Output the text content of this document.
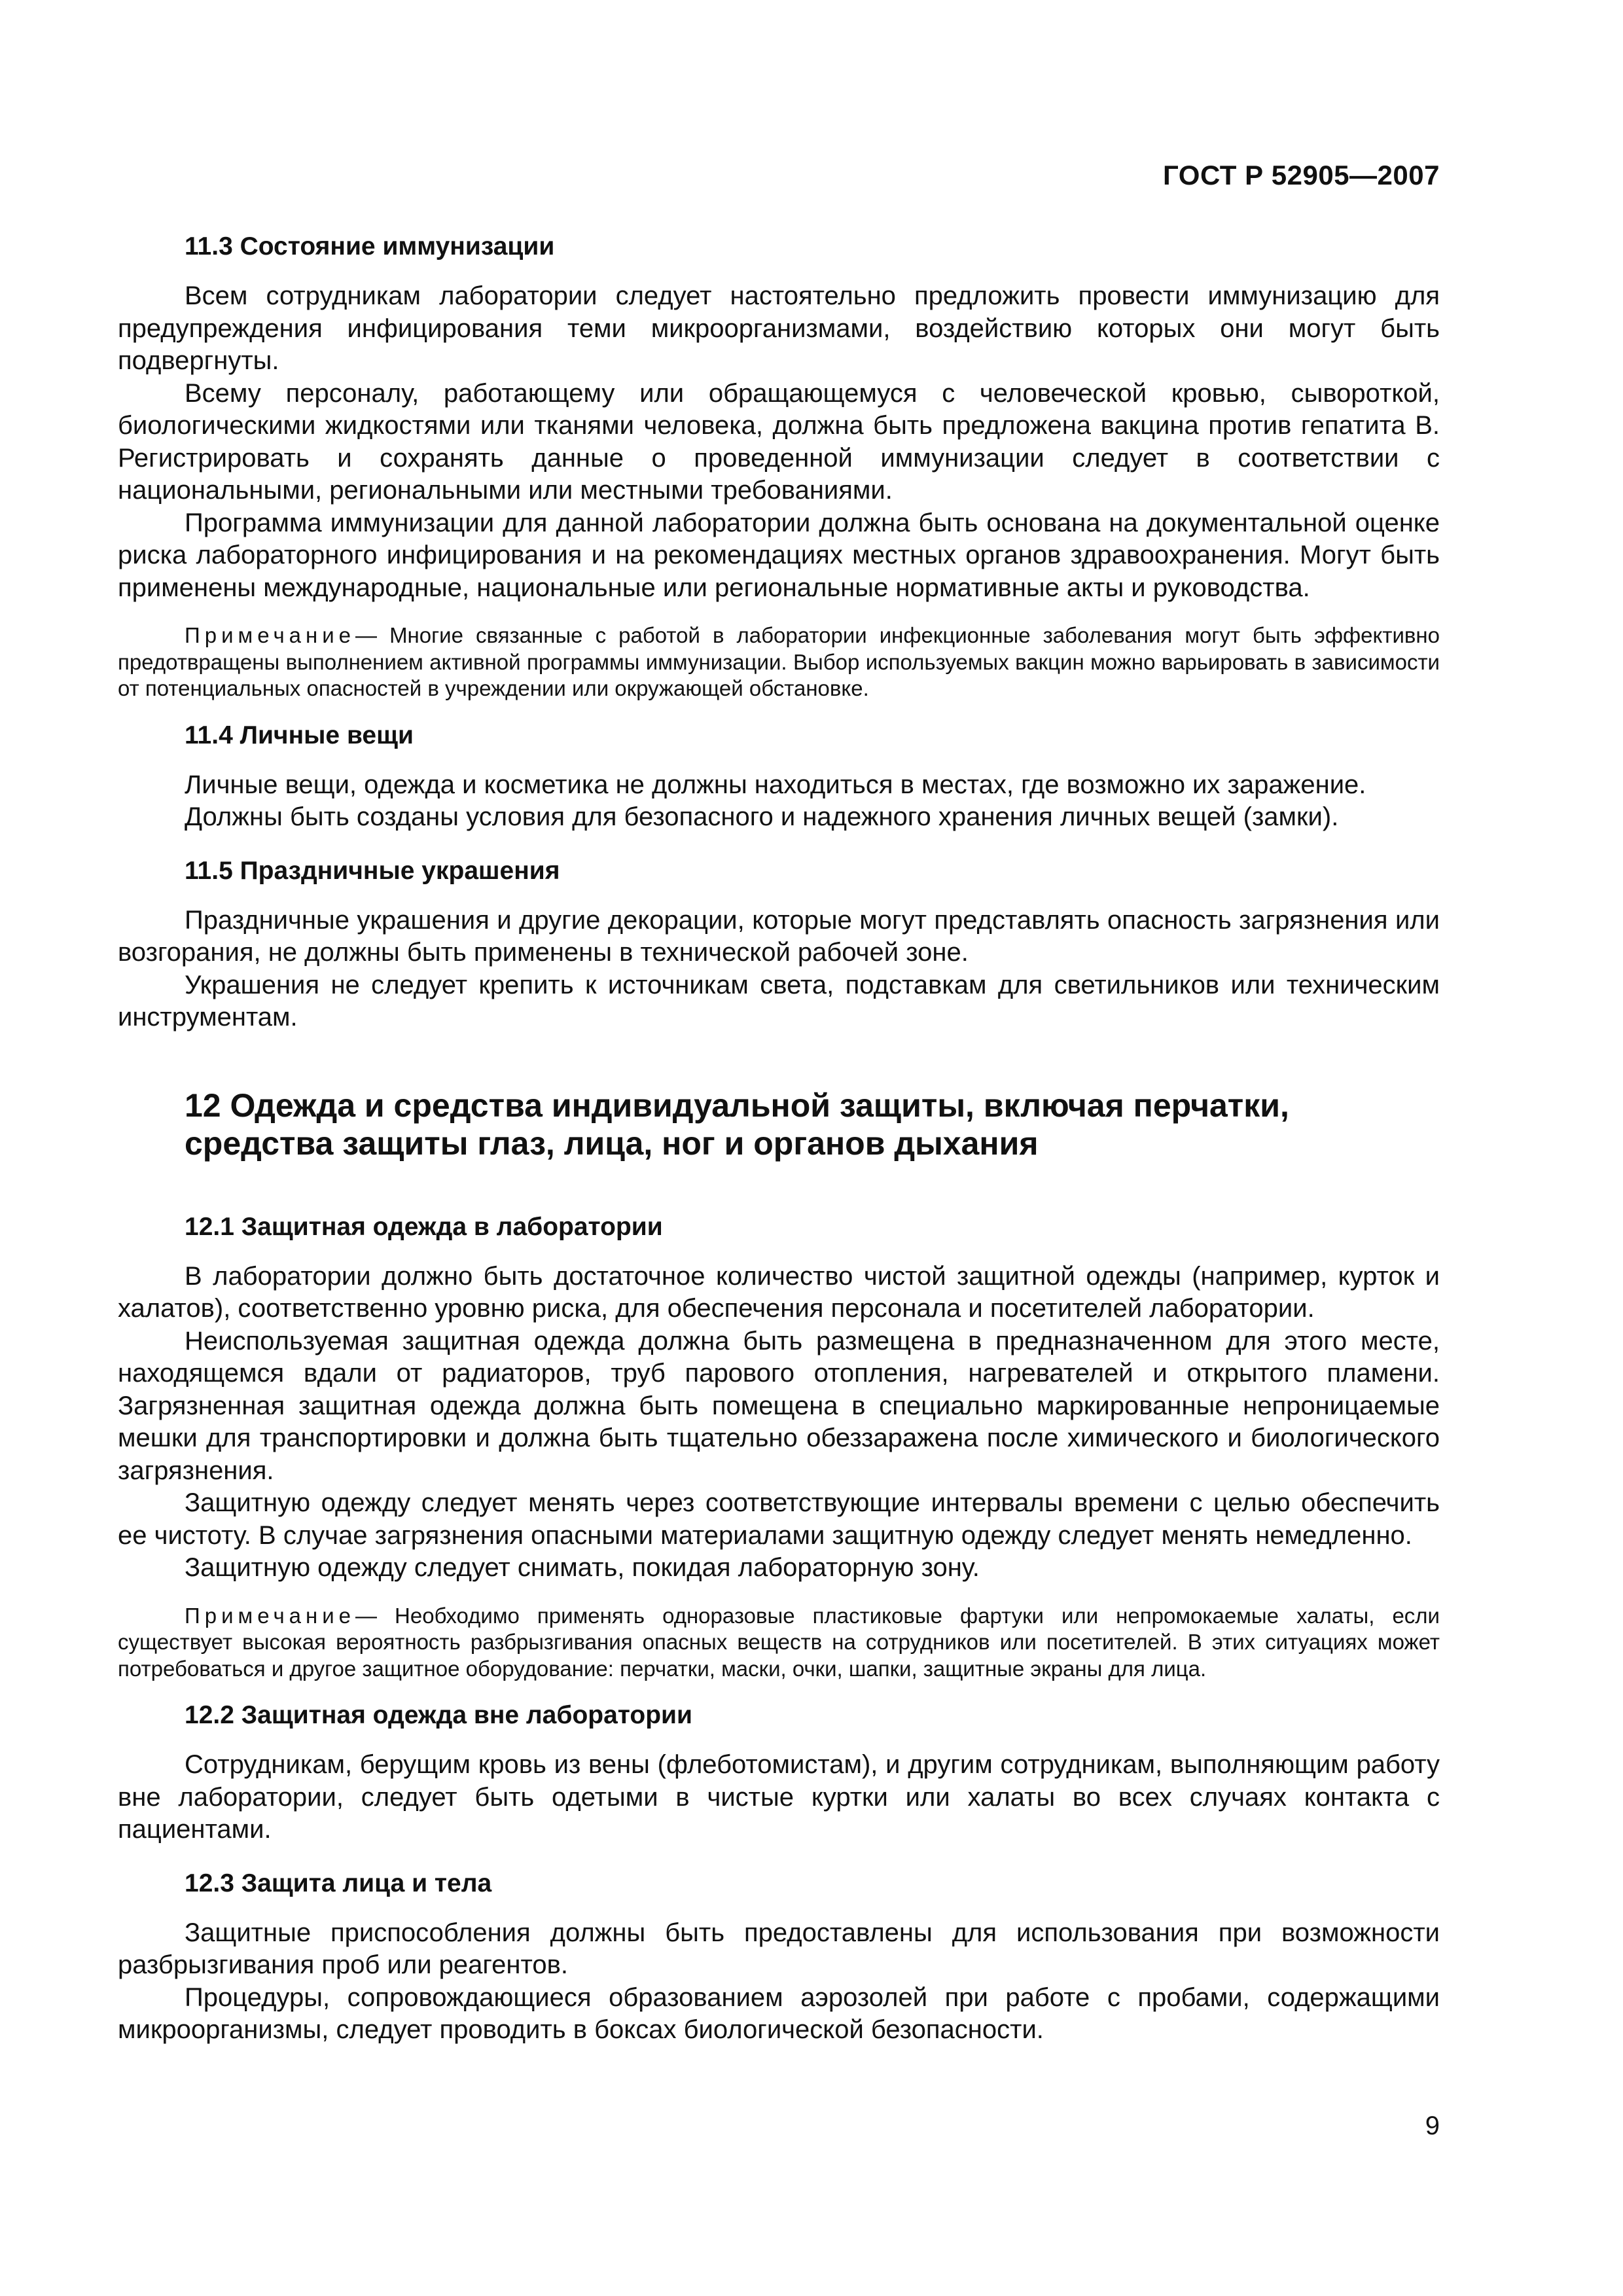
ГОСТ Р 52905—2007
11.3 Состояние иммунизации

Всем сотрудникам лаборатории следует настоятельно предложить провести иммунизацию для предупреждения инфицирования теми микроорганизмами, воздействию которых они могут быть подвергнуты.

Всему персоналу, работающему или обращающемуся с человеческой кровью, сывороткой, биологическими жидкостями или тканями человека, должна быть предложена вакцина против гепатита В. Регистрировать и сохранять данные о проведенной иммунизации следует в соответствии с национальными, региональными или местными требованиями.

Программа иммунизации для данной лаборатории должна быть основана на документальной оценке риска лабораторного инфицирования и на рекомендациях местных органов здравоохранения. Могут быть применены международные, национальные или региональные нормативные акты и руководства.

Примечание— Многие связанные с работой в лаборатории инфекционные заболевания могут быть эффективно предотвращены выполнением активной программы иммунизации. Выбор используемых вакцин можно варьировать в зависимости от потенциальных опасностей в учреждении или окружающей обстановке.
11.4 Личные вещи

Личные вещи, одежда и косметика не должны находиться в местах, где возможно их заражение.

Должны быть созданы условия для безопасного и надежного хранения личных вещей (замки).

11.5 Праздничные украшения

Праздничные украшения и другие декорации, которые могут представлять опасность загрязнения или возгорания, не должны быть применены в технической рабочей зоне.

Украшения не следует крепить к источникам света, подставкам для светильников или техническим инструментам.

12 Одежда и средства индивидуальной защиты, включая перчатки,
средства защиты глаз, лица, ног и органов дыхания
12.1 Защитная одежда в лаборатории

В лаборатории должно быть достаточное количество чистой защитной одежды (например, курток и халатов), соответственно уровню риска, для обеспечения персонала и посетителей лаборатории.

Неиспользуемая защитная одежда должна быть размещена в предназначенном для этого месте, находящемся вдали от радиаторов, труб парового отопления, нагревателей и открытого пламени. Загрязненная защитная одежда должна быть помещена в специально маркированные непроницаемые мешки для транспортировки и должна быть тщательно обеззаражена после химического и биологического загрязнения.

Защитную одежду следует менять через соответствующие интервалы времени с целью обеспечить ее чистоту. В случае загрязнения опасными материалами защитную одежду следует менять немедленно.

Защитную одежду следует снимать, покидая лабораторную зону.

Примечание— Необходимо применять одноразовые пластиковые фартуки или непромокаемые халаты, если существует высокая вероятность разбрызгивания опасных веществ на сотрудников или посетителей. В этих ситуациях может потребоваться и другое защитное оборудование: перчатки, маски, очки, шапки, защитные экраны для лица.
12.2 Защитная одежда вне лаборатории

Сотрудникам, берущим кровь из вены (флеботомистам), и другим сотрудникам, выполняющим работу вне лаборатории, следует быть одетыми в чистые куртки или халаты во всех случаях контакта с пациентами.

12.3 Защита лица и тела

Защитные приспособления должны быть предоставлены для использования при возможности разбрызгивания проб или реагентов.

Процедуры, сопровождающиеся образованием аэрозолей при работе с пробами, содержащими микроорганизмы, следует проводить в боксах биологической безопасности.

9
